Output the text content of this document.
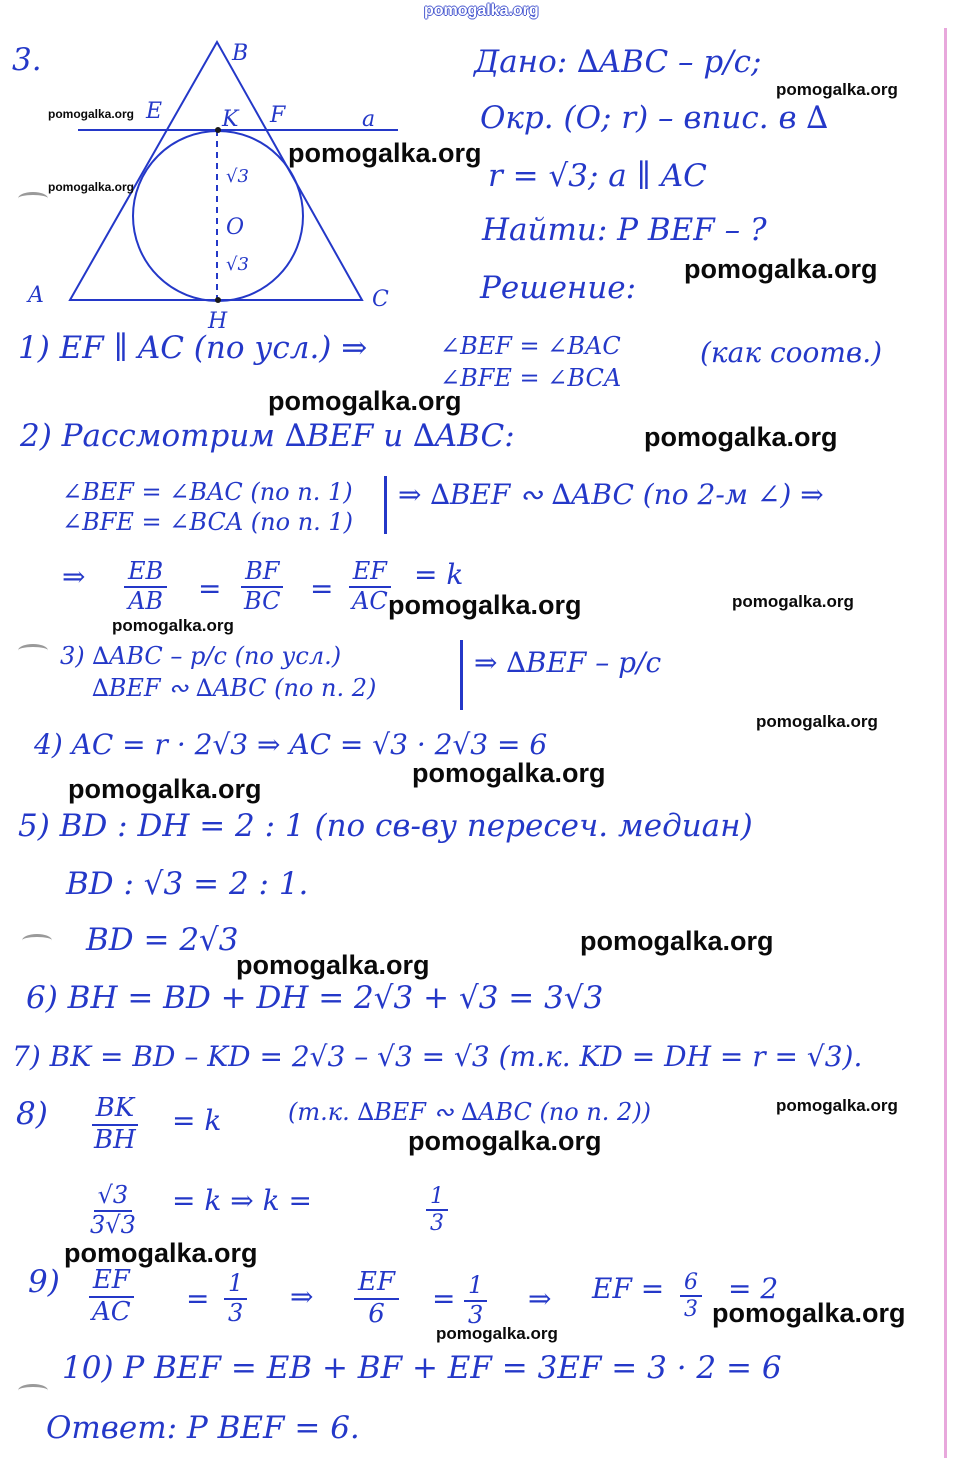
pomogalka.org
3.	B
E	K F	a
A
H
C
√3
O
√3
Дано: ∆ABC – р/с;
Окр. (O; r) – впис. в ∆
r = √3; a ∥ AC
Найти: P BEF – ?
Решение:
1) EF ∥ AC (по усл.) ⇒	∠BEF = ∠BAC
∠BFE = ∠BCA
(как соотв.)
2) Рассмотрим ∆BEF и ∆ABC:
∠BEF = ∠BAC (по п. 1)
∠BFE = ∠BCA (по п. 1)
⇒ ∆BEF ∾ ∆ABC (по 2-м ∠) ⇒
⇒ $\frac{EB}{AB} = \frac{BF}{BC} = \frac{EF}{AC} = k$
3) ∆ABC – р/с (по усл.)
∆BEF ∾ ∆ABC (по п. 2)
⇒ ∆BEF – р/с
4) AC = r · 2√3 ⇒ AC = √3 · 2√3 = 6
5) BD : DH = 2 : 1 (по св-ву пересеч. медиан)
BD : √3 = 2 : 1.
BD = 2√3
6) BH = BD + DH = 2√3 + √3 = 3√3
7) BK = BD – KD = 2√3 – √3 = √3 (т.к. KD = DH = r = √3).
$8) \frac{BK}{BH} = k$	(т.к. ∆BEF ∾ ∆ABC (по п. 2))
$\frac{√3}{3√3} = k$ ⇒ k =	$\frac{1}{3}$
$9) \frac{EF}{AC} = \frac{1}{3}$ ⇒ $\frac{EF}{6} = \frac{1}{3}$ ⇒ EF = $\frac{6}{3} = 2$
10) P BEF = EB + BF + EF = 3EF = 3 · 2 = 6
Ответ: P BEF = 6.
pomogalka.org
pomogalka.org
pomogalka.org
pomogalka.org
pomogalka.org
pomogalka.org
pomogalka.org
pomogalka.org	pomogalka.org
pomogalka.org
pomogalka.org
pomogalka.org
pomogalka.org
pomogalka.org
pomogalka.org
pomogalka.org
pomogalka.org
pomogalka.org
pomogalka.org
pomogalka.org
